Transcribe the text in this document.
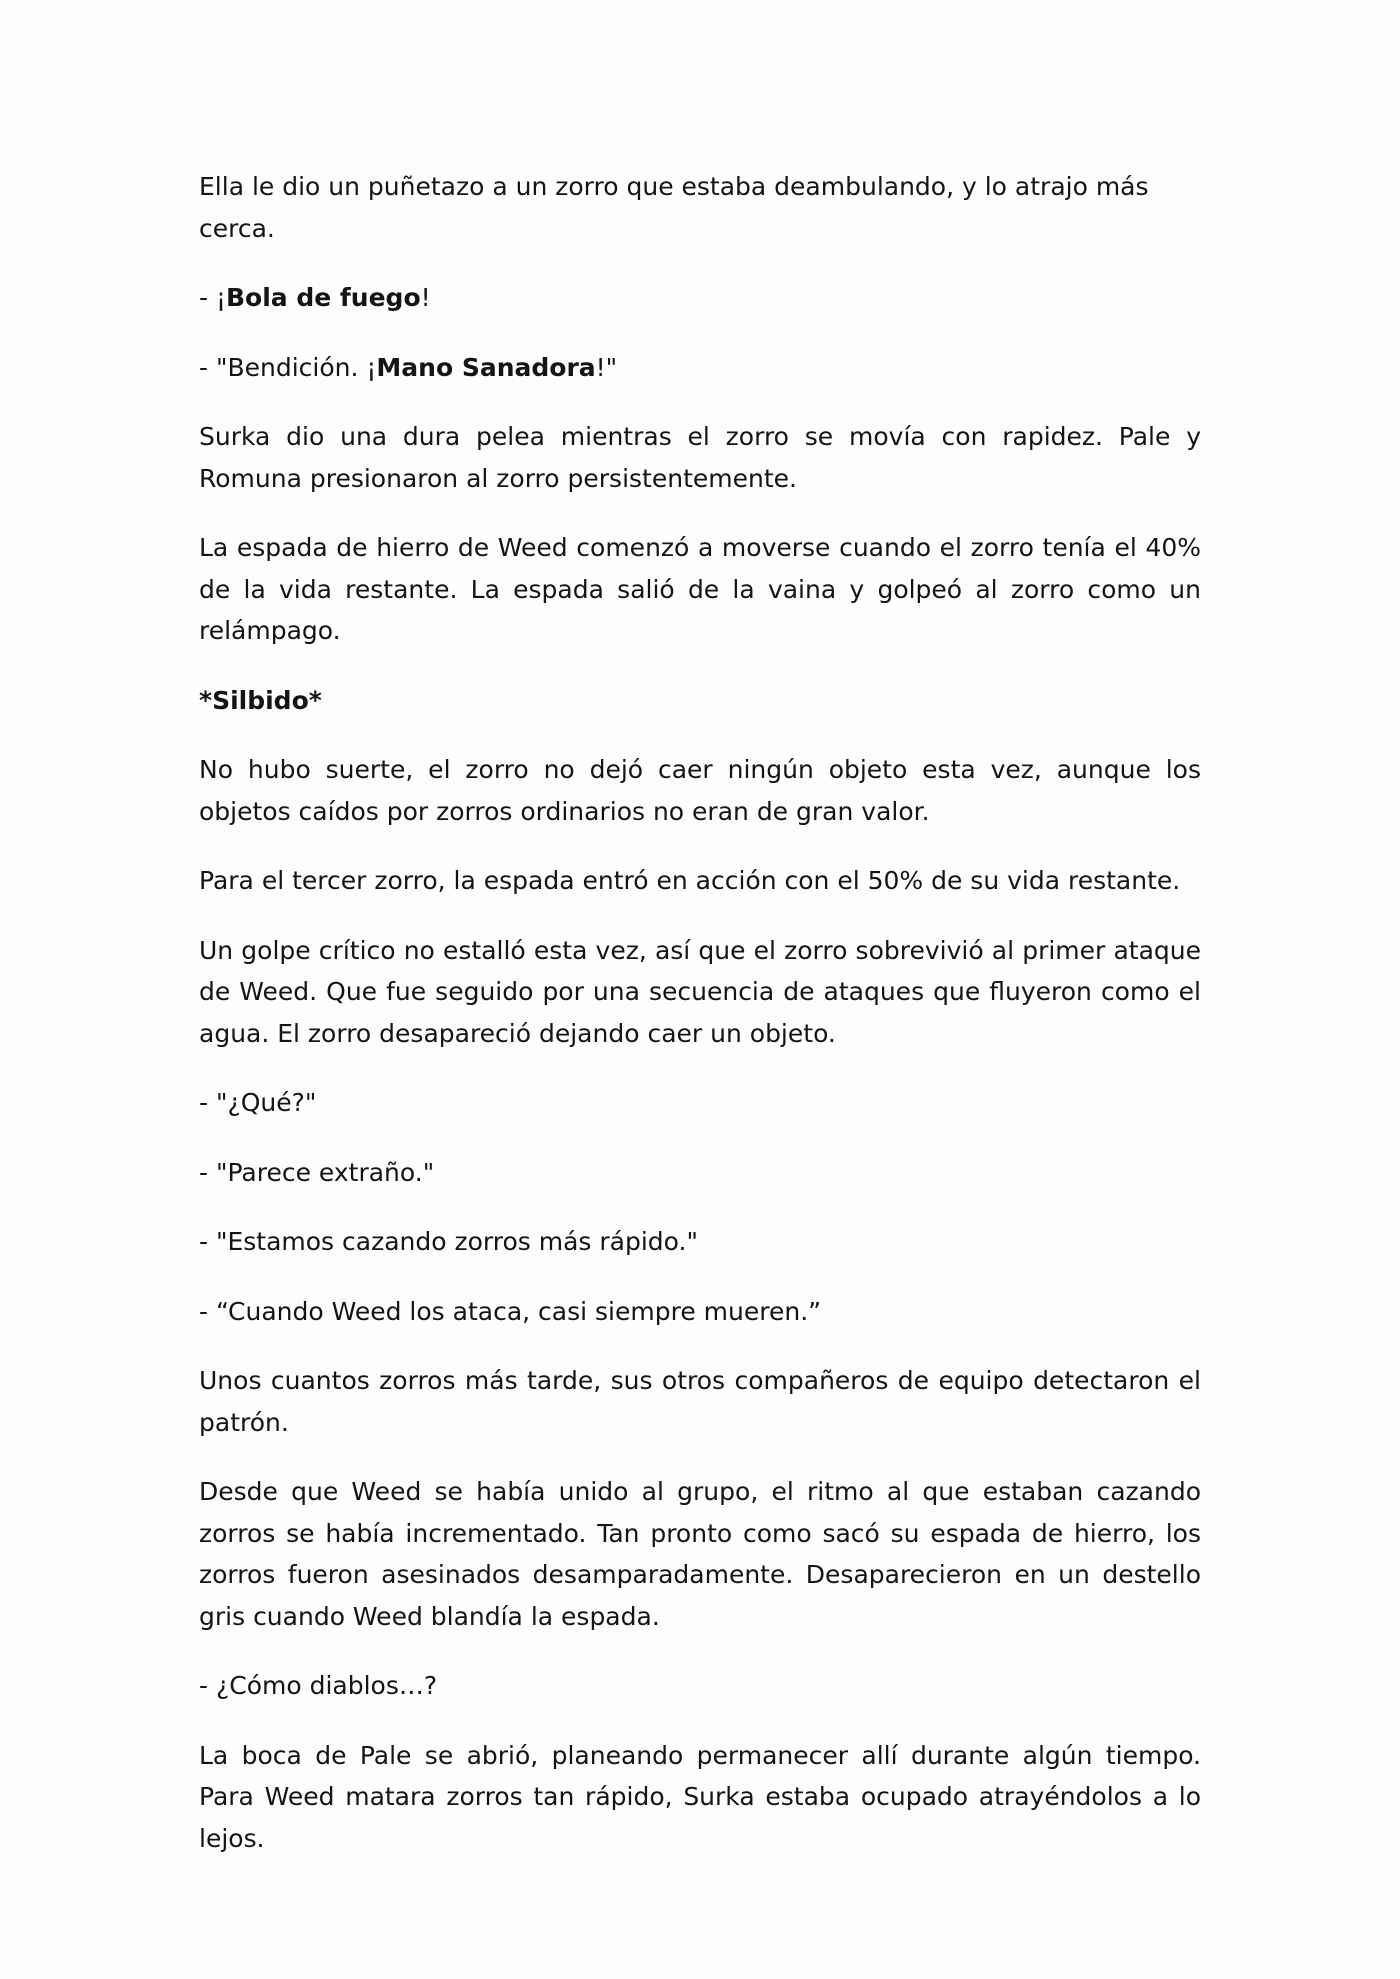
Ella le dio un puñetazo a un zorro que estaba deambulando, y lo atrajo más cerca.

- ¡Bola de fuego!

- "Bendición. ¡Mano Sanadora!"

Surka dio una dura pelea mientras el zorro se movía con rapidez. Pale y Romuna presionaron al zorro persistentemente.

La espada de hierro de Weed comenzó a moverse cuando el zorro tenía el 40% de la vida restante. La espada salió de la vaina y golpeó al zorro como un relámpago.

*Silbido*

No hubo suerte, el zorro no dejó caer ningún objeto esta vez, aunque los objetos caídos por zorros ordinarios no eran de gran valor.

Para el tercer zorro, la espada entró en acción con el 50% de su vida restante.

Un golpe crítico no estalló esta vez, así que el zorro sobrevivió al primer ataque de Weed. Que fue seguido por una secuencia de ataques que fluyeron como el agua. El zorro desapareció dejando caer un objeto.

- "¿Qué?"

- "Parece extraño."

- "Estamos cazando zorros más rápido."

- “Cuando Weed los ataca, casi siempre mueren.”

Unos cuantos zorros más tarde, sus otros compañeros de equipo detectaron el patrón.

Desde que Weed se había unido al grupo, el ritmo al que estaban cazando zorros se había incrementado. Tan pronto como sacó su espada de hierro, los zorros fueron asesinados desamparadamente. Desaparecieron en un destello gris cuando Weed blandía la espada.

- ¿Cómo diablos…?

La boca de Pale se abrió, planeando permanecer allí durante algún tiempo. Para Weed matara zorros tan rápido, Surka estaba ocupado atrayéndolos a lo lejos.
